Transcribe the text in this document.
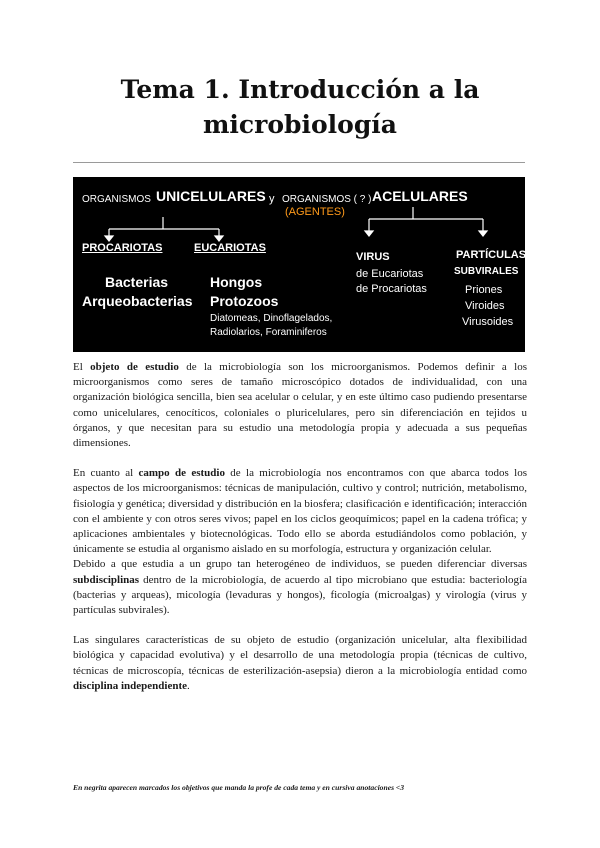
Tema 1. Introducción a la
microbiología
ORGANISMOS UNICELULARES y ORGANISMOS ( ? ) ACELULARES
(AGENTES)
PROCARIOTAS	EUCARIOTAS
VIRUS
de Eucariotas
de Procariotas
PARTÍCULAS
SUBVIRALES
Bacterias
Arqueobacterias
Hongos
Protozoos
Diatomeas, Dinoflagelados,
Radiolarios, Foraminiferos
Priones
Viroides
Virusoides

El objeto de estudio de la microbiología son los microorganismos. Podemos definir a los microorganismos como seres de tamaño microscópico dotados de individualidad, con una organización biológica sencilla, bien sea acelular o celular, y en este último caso pudiendo presentarse como unicelulares, cenocíticos, coloniales o pluricelulares, pero sin diferenciación en tejidos u órganos, y que necesitan para su estudio una metodología propia y adecuada a sus pequeñas dimensiones.

En cuanto al campo de estudio de la microbiología nos encontramos con que abarca todos los aspectos de los microorganismos: técnicas de manipulación, cultivo y control; nutrición, metabolismo, fisiología y genética; diversidad y distribución en la biosfera; clasificación e identificación; interacción con el ambiente y con otros seres vivos; papel en los ciclos geoquímicos; papel en la cadena trófica; y aplicaciones ambientales y biotecnológicas. Todo ello se aborda estudiándolos como población, y únicamente se estudia al organismo aislado en su morfología, estructura y organización celular.

Debido a que estudia a un grupo tan heterogéneo de individuos, se pueden diferenciar diversas subdisciplinas dentro de la microbiología, de acuerdo al tipo microbiano que estudia: bacteriología (bacterias y arqueas), micología (levaduras y hongos), ficología (microalgas) y virología (virus y partículas subvirales).

Las singulares características de su objeto de estudio (organización unicelular, alta flexibilidad biológica y capacidad evolutiva) y el desarrollo de una metodología propia (técnicas de cultivo, técnicas de microscopía, técnicas de esterilización-asepsia) dieron a la microbiología entidad como disciplina independiente.

En negrita aparecen marcados los objetivos que manda la profe de cada tema y en cursiva anotaciones <3
